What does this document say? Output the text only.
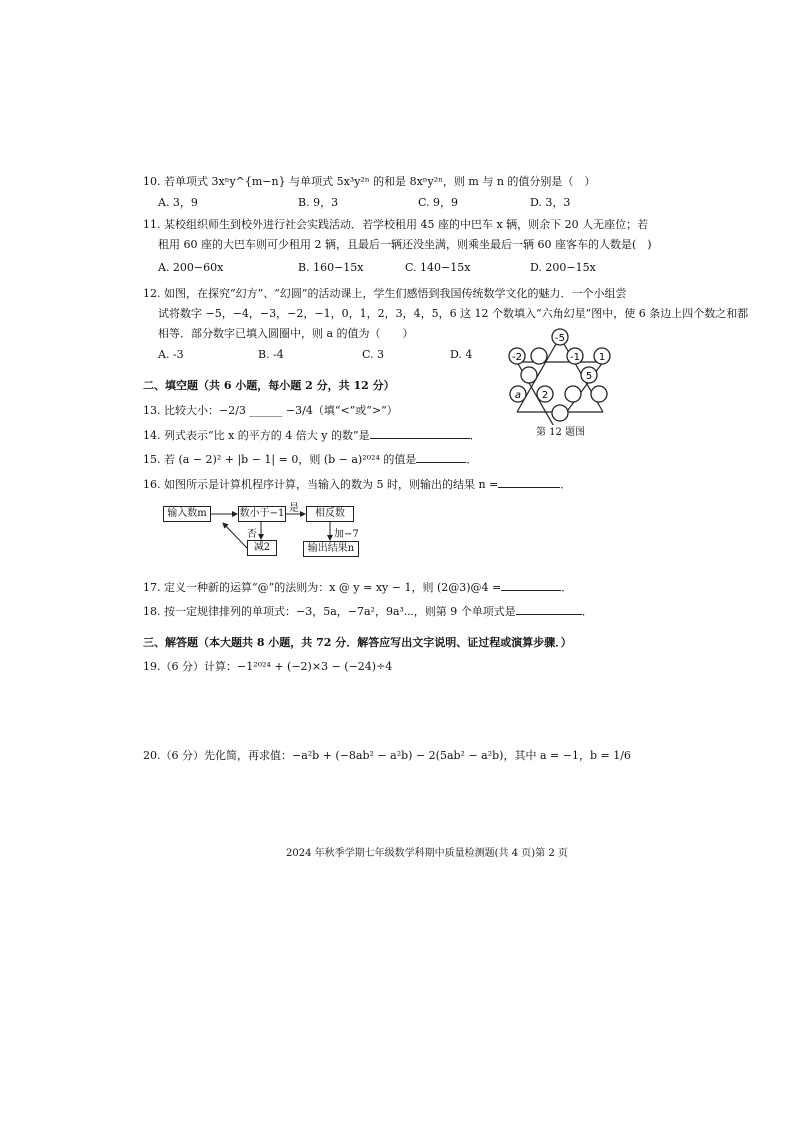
10. 若单项式 3xⁿy^{m−n} 与单项式 5x³y²ⁿ 的和是 8xⁿy²ⁿ，则 m 与 n 的值分别是（　）
A. 3，9	B. 9，3	C. 9，9	D. 3，3
11. 某校组织师生到校外进行社会实践活动．若学校租用 45 座的中巴车 x 辆，则余下 20 人无座位；若
租用 60 座的大巴车则可少租用 2 辆，且最后一辆还没坐满，则乘坐最后一辆 60 座客车的人数是(　)
A. 200−60x	B. 160−15x	C. 140−15x	D. 200−15x
12. 如图，在探究“幻方”、“幻圆”的活动课上，学生们感悟到我国传统数学文化的魅力．一个小组尝
试将数字 −5，−4，−3，−2，−1，0，1，2，3，4，5，6 这 12 个数填入“六角幻星”图中，使 6 条边上四个数之和都
相等．部分数字已填入圆圈中，则 a 的值为（　　）
A. -3	B. -4	C. 3	D. 4
-5
-2	-1 1
5
a 2
第 12 题图
二、填空题（共 6 小题，每小题 2 分，共 12 分）
13. 比较大小：−2/3 ______ −3/4（填“<”或“>”）
14. 列式表示“比 x 的平方的 4 倍大 y 的数”是	．
15. 若 (a − 2)² + |b − 1| = 0，则 (b − a)²⁰²⁴ 的值是	．
16. 如图所示是计算机程序计算，当输入的数为 5 时，则输出的结果 n =	．
输入数m	数小于−1	相反数
减2	输出结果n
是
否	加−7
17. 定义一种新的运算“@”的法则为：x @ y = xy − 1，则 (2@3)@4 =	．
18. 按一定规律排列的单项式：−3，5a，−7a²，9a³⋯，则第 9 个单项式是	．
三、解答题（本大题共 8 小题，共 72 分．解答应写出文字说明、证过程或演算步骤．）
19.（6 分）计算：−1²⁰²⁴ + (−2)×3 − (−24)÷4
20.（6 分）先化简，再求值：−a²b + (−8ab² − a²b) − 2(5ab² − a²b)，其中 a = −1，b = 1/6
2024 年秋季学期七年级数学科期中质量检测题(共 4 页)第 2 页
